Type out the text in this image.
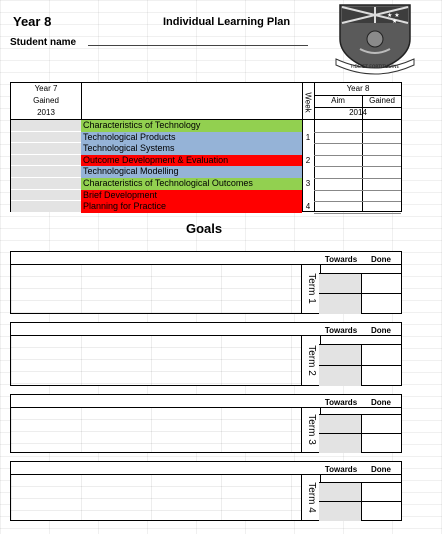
Year 8	Individual Learning Plan
Student name
★ ★
★
FIDE ET FORTITUDINE
Year 7
Gained
2013
Week
Year 8
Aim	Gained
2014
Characteristics of Technology
Technological Products	1
Technological Systems
Outcome Development & Evaluation	2
Technological Modelling
Characteristics of Technological Outcomes	3
Brief Development
Planning for Practice	4
Goals
Term 1
Towards	Done
Term 2
Towards	Done
Term 3
Towards	Done
Term 4
Towards	Done
